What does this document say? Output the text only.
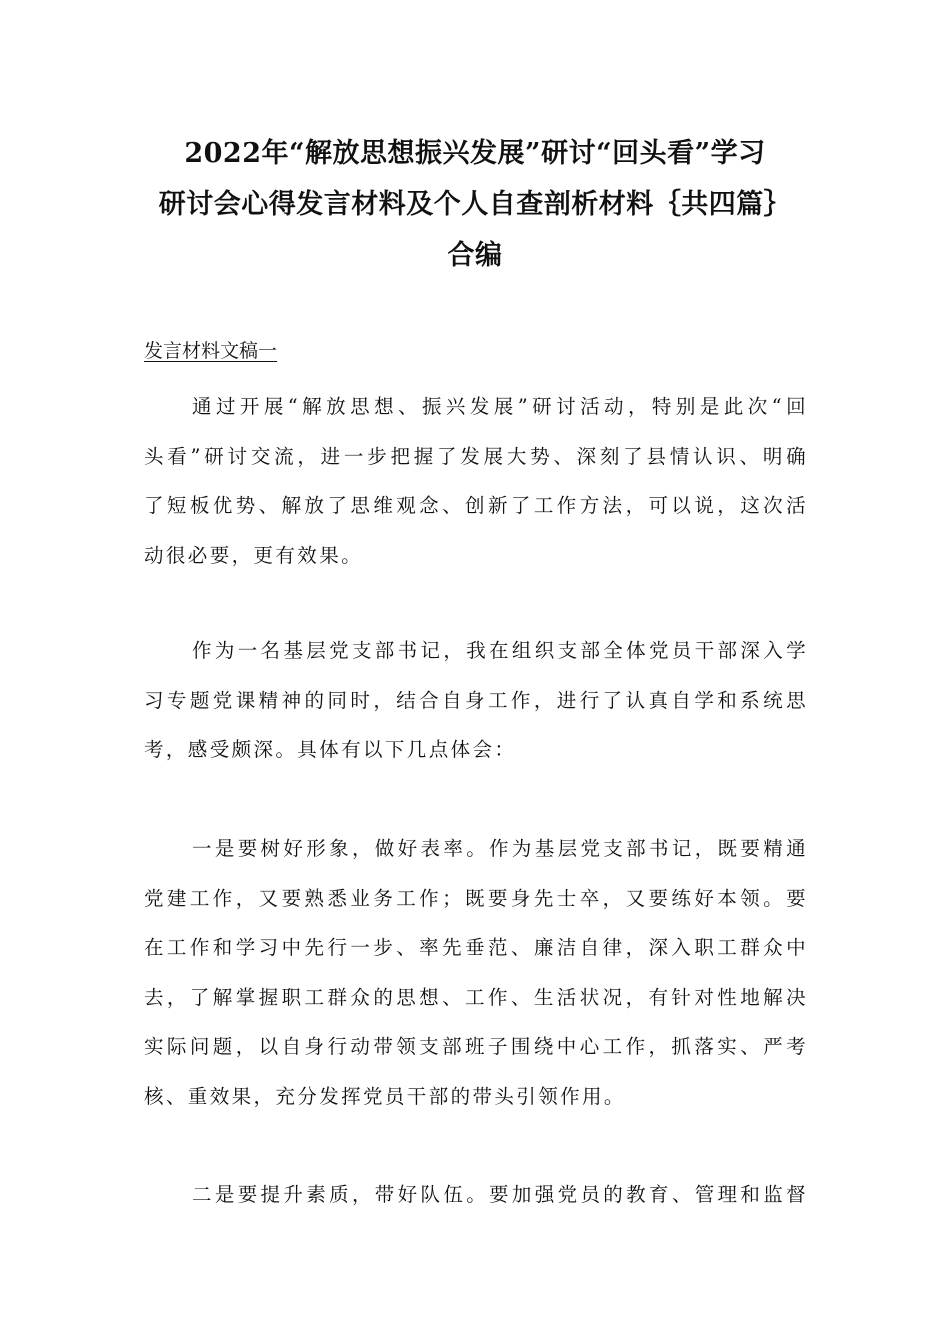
2022年“解放思想振兴发展”研讨“回头看”学习
研讨会心得发言材料及个人自查剖析材料｛共四篇｝
合编
发言材料文稿一
通过开展“解放思想、振兴发展”研讨活动，特别是此次“回
头看”研讨交流，进一步把握了发展大势、深刻了县情认识、明确
了短板优势、解放了思维观念、创新了工作方法，可以说，这次活
动很必要，更有效果。
作为一名基层党支部书记，我在组织支部全体党员干部深入学
习专题党课精神的同时，结合自身工作，进行了认真自学和系统思
考，感受颇深。具体有以下几点体会：
一是要树好形象，做好表率。作为基层党支部书记，既要精通
党建工作，又要熟悉业务工作；既要身先士卒，又要练好本领。要
在工作和学习中先行一步、率先垂范、廉洁自律，深入职工群众中
去，了解掌握职工群众的思想、工作、生活状况，有针对性地解决
实际问题，以自身行动带领支部班子围绕中心工作，抓落实、严考
核、重效果，充分发挥党员干部的带头引领作用。
二是要提升素质，带好队伍。要加强党员的教育、管理和监督
